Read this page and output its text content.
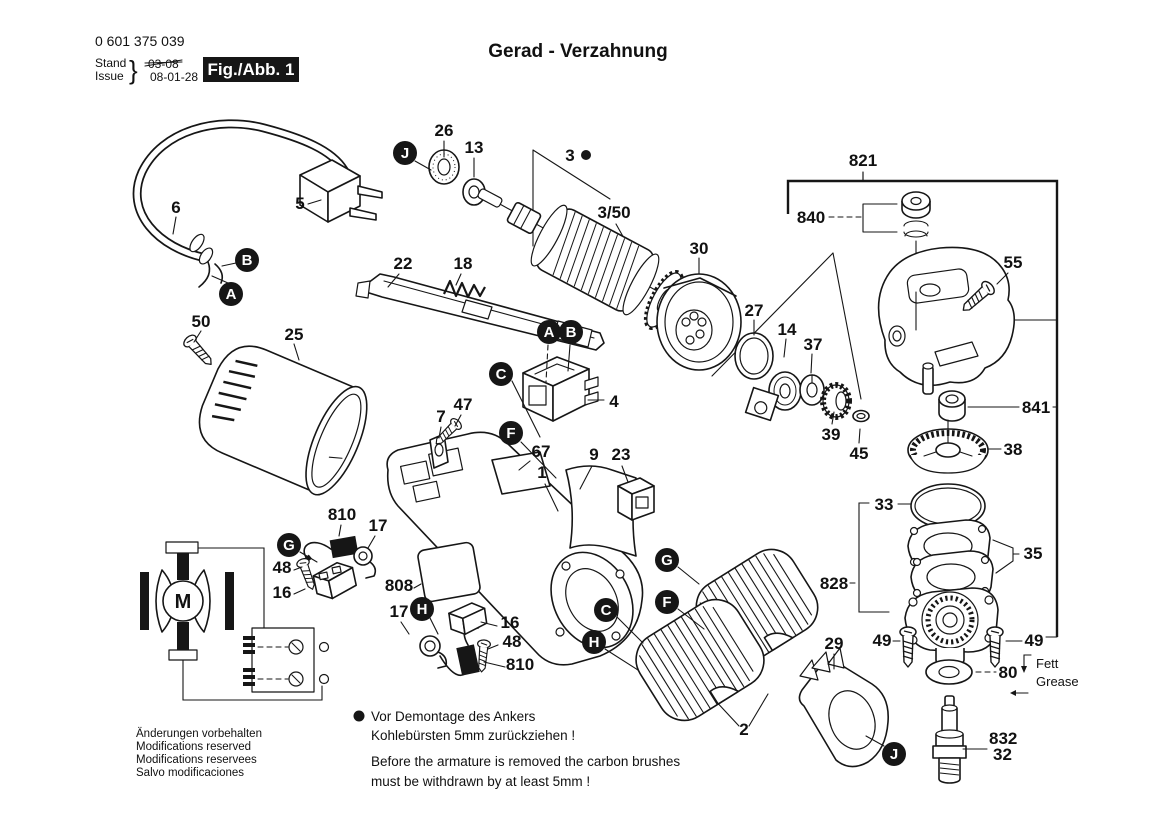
0 601 375 039
Stand
Issue } 03-08
08-01-28 Fig./Abb. 1
Gerad - Verzahnung
M
26
13	3
3/50
821
840
55
5
6
50
25
22 18
30
27
14
37
39
45
4
47
7
67
1
9 23
810
17
48
16	808
17
16
48
810
2
29
828
33
35
38
841
49	49
80
832
32
Fett
Grease
J
B
A
A B
C
F
G
H
G
F
C
H
J
Änderungen vorbehalten
Modifications reserved
Modifications reservees
Salvo modificaciones
Vor Demontage des Ankers
Kohlebürsten 5mm zurückziehen !
Before the armature is removed the carbon brushes
must be withdrawn by at least 5mm !
